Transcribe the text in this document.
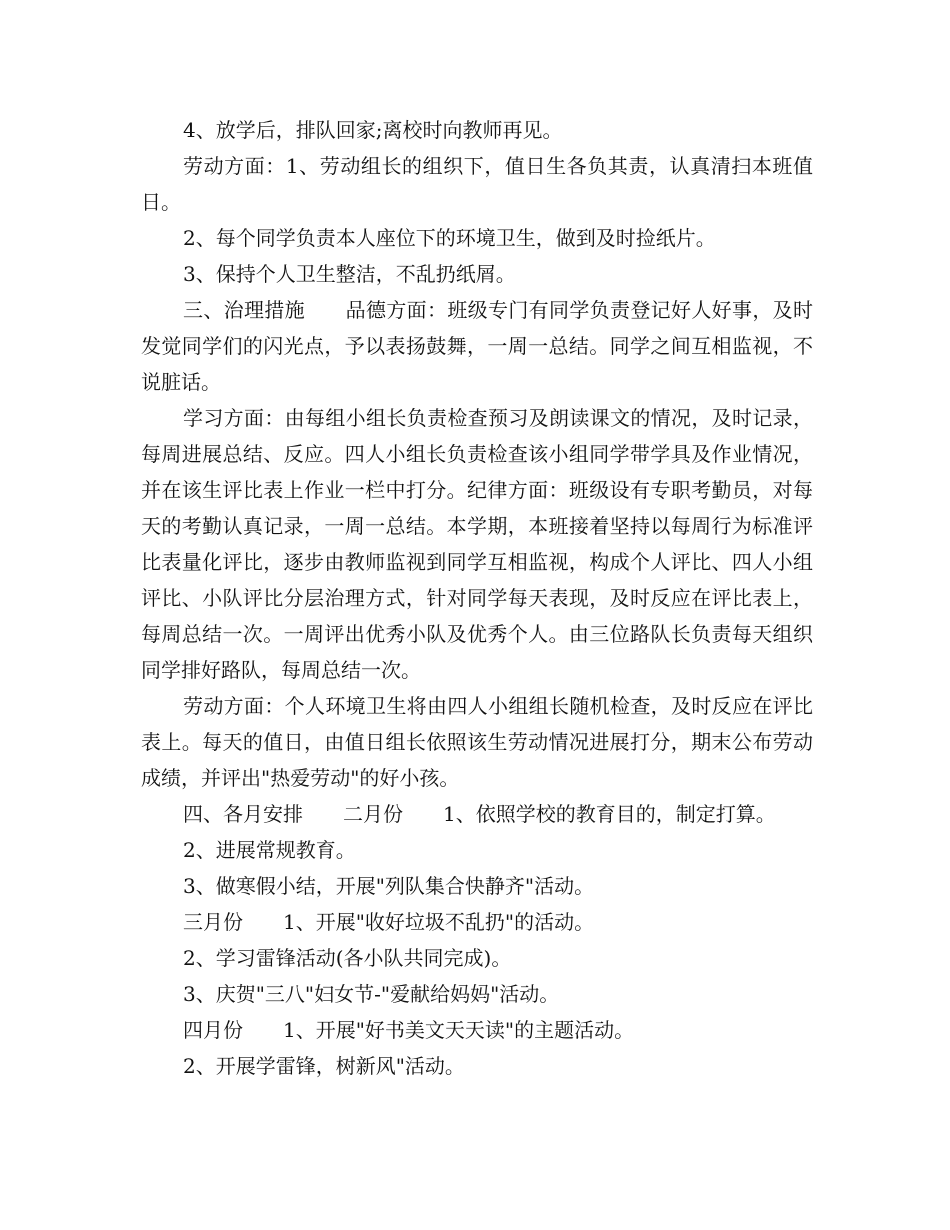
4、放学后，排队回家;离校时向教师再见。

劳动方面：1、劳动组长的组织下，值日生各负其责，认真清扫本班值日。

2、每个同学负责本人座位下的环境卫生，做到及时捡纸片。

3、保持个人卫生整洁，不乱扔纸屑。

三、治理措施　　品德方面：班级专门有同学负责登记好人好事，及时发觉同学们的闪光点，予以表扬鼓舞，一周一总结。同学之间互相监视，不说脏话。

学习方面：由每组小组长负责检查预习及朗读课文的情况，及时记录，每周进展总结、反应。四人小组长负责检查该小组同学带学具及作业情况，并在该生评比表上作业一栏中打分。纪律方面：班级设有专职考勤员，对每天的考勤认真记录，一周一总结。本学期，本班接着坚持以每周行为标准评比表量化评比，逐步由教师监视到同学互相监视，构成个人评比、四人小组评比、小队评比分层治理方式，针对同学每天表现，及时反应在评比表上，每周总结一次。一周评出优秀小队及优秀个人。由三位路队长负责每天组织同学排好路队，每周总结一次。

劳动方面：个人环境卫生将由四人小组组长随机检查，及时反应在评比表上。每天的值日，由值日组长依照该生劳动情况进展打分，期末公布劳动成绩，并评出"热爱劳动"的好小孩。

四、各月安排　　二月份　　1、依照学校的教育目的，制定打算。

2、进展常规教育。

3、做寒假小结，开展"列队集合快静齐"活动。

三月份　　1、开展"收好垃圾不乱扔"的活动。

2、学习雷锋活动(各小队共同完成)。

3、庆贺"三八"妇女节-"爱献给妈妈"活动。

四月份　　1、开展"好书美文天天读"的主题活动。

2、开展学雷锋，树新风"活动。
